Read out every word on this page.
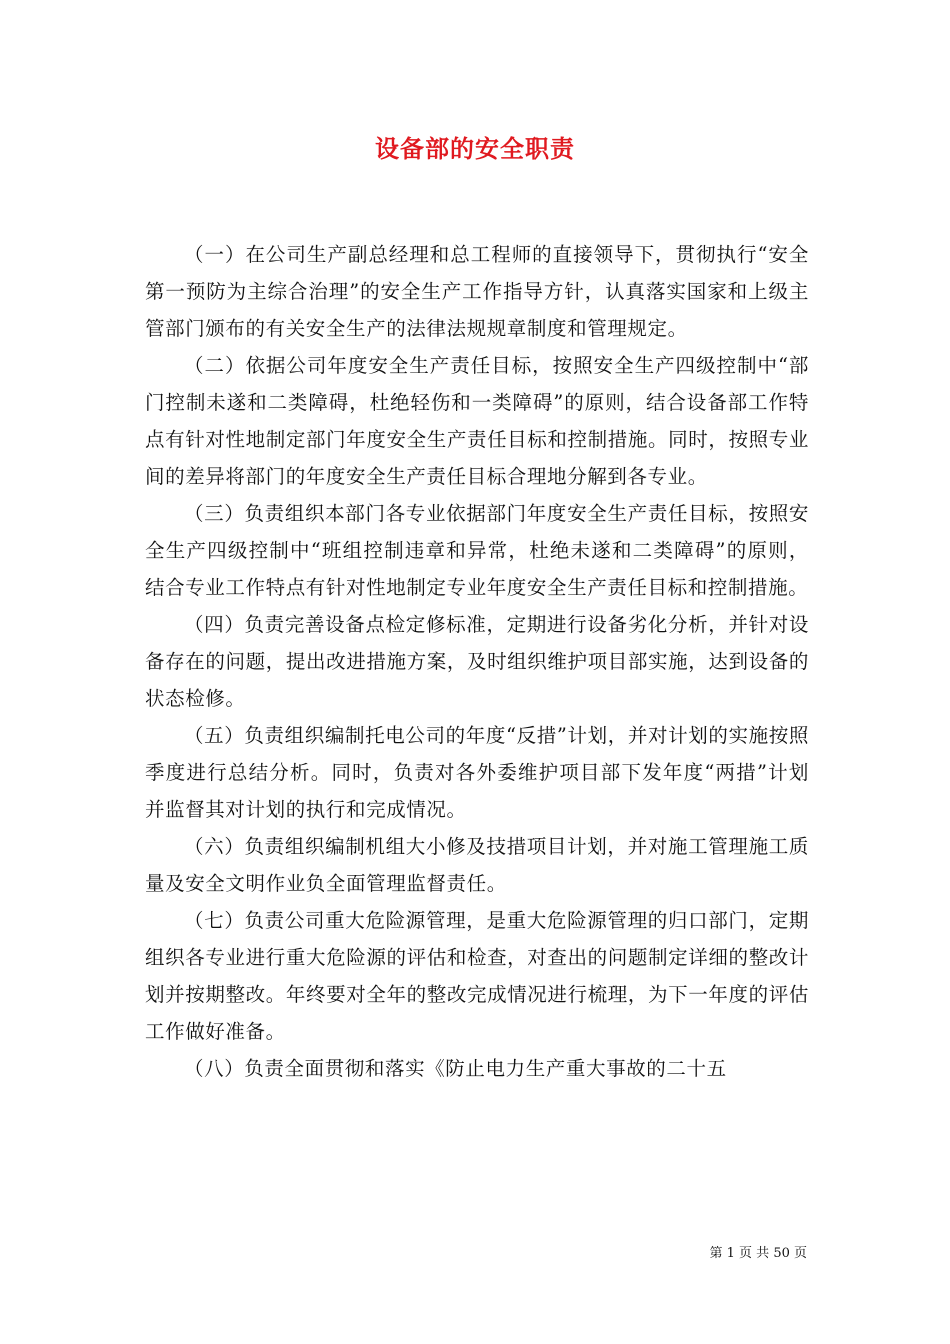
设备部的安全职责

（一）在公司生产副总经理和总工程师的直接领导下，贯彻执行“安全第一预防为主综合治理”的安全生产工作指导方针，认真落实国家和上级主管部门颁布的有关安全生产的法律法规规章制度和管理规定。

（二）依据公司年度安全生产责任目标，按照安全生产四级控制中“部门控制未遂和二类障碍，杜绝轻伤和一类障碍”的原则，结合设备部工作特点有针对性地制定部门年度安全生产责任目标和控制措施。同时，按照专业间的差异将部门的年度安全生产责任目标合理地分解到各专业。

（三）负责组织本部门各专业依据部门年度安全生产责任目标，按照安全生产四级控制中“班组控制违章和异常，杜绝未遂和二类障碍”的原则，结合专业工作特点有针对性地制定专业年度安全生产责任目标和控制措施。

（四）负责完善设备点检定修标准，定期进行设备劣化分析，并针对设备存在的问题，提出改进措施方案，及时组织维护项目部实施，达到设备的状态检修。

（五）负责组织编制托电公司的年度“反措”计划，并对计划的实施按照季度进行总结分析。同时，负责对各外委维护项目部下发年度“两措”计划并监督其对计划的执行和完成情况。

（六）负责组织编制机组大小修及技措项目计划，并对施工管理施工质量及安全文明作业负全面管理监督责任。

（七）负责公司重大危险源管理，是重大危险源管理的归口部门，定期组织各专业进行重大危险源的评估和检查，对查出的问题制定详细的整改计划并按期整改。年终要对全年的整改完成情况进行梳理，为下一年度的评估工作做好准备。

（八）负责全面贯彻和落实《防止电力生产重大事故的二十五

第 1 页 共 50 页
